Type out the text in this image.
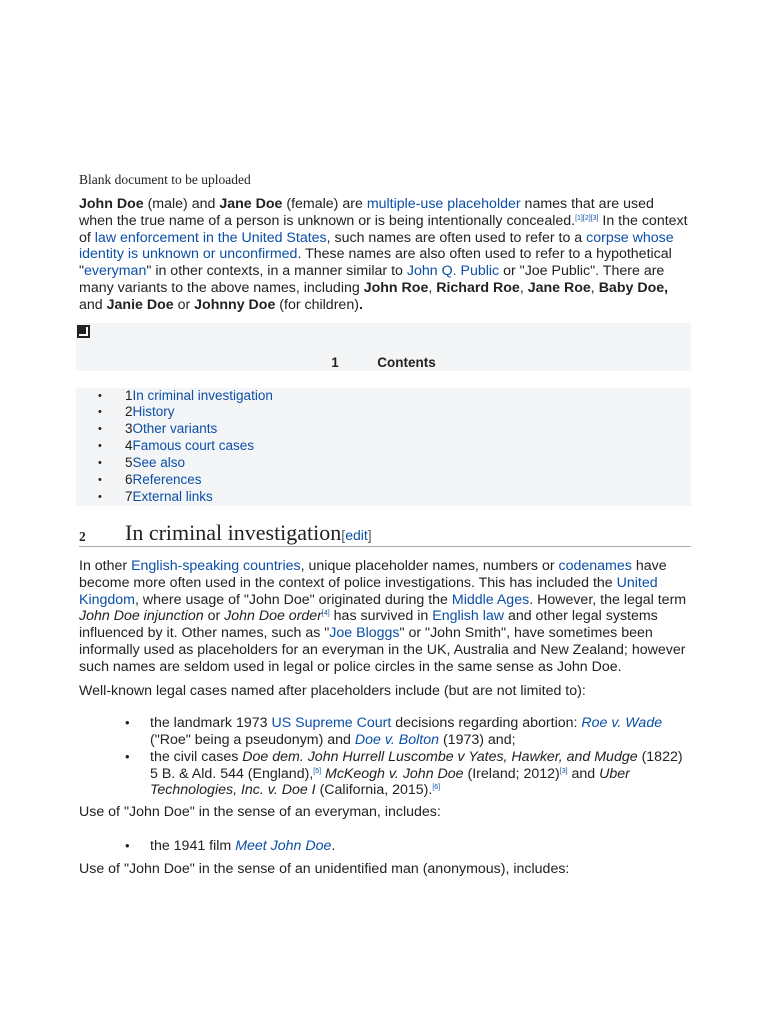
Blank document to be uploaded

John Doe (male) and Jane Doe (female) are multiple-use placeholder names that are used when the true name of a person is unknown or is being intentionally concealed.[1][2][3] In the context of law enforcement in the United States, such names are often used to refer to a corpse whose identity is unknown or unconfirmed. These names are also often used to refer to a hypothetical "everyman" in other contexts, in a manner similar to John Q. Public or "Joe Public". There are many variants to the above names, including John Roe, Richard Roe, Jane Roe, Baby Doe, and Janie Doe or Johnny Doe (for children).

1	Contents
• 1In criminal investigation
• 2History
• 3Other variants
• 4Famous court cases
• 5See also
• 6References
• 7External links
2 In criminal investigation[edit]

In other English-speaking countries, unique placeholder names, numbers or codenames have become more often used in the context of police investigations. This has included the United Kingdom, where usage of "John Doe" originated during the Middle Ages. However, the legal term John Doe injunction or John Doe order[4] has survived in English law and other legal systems influenced by it. Other names, such as "Joe Bloggs" or "John Smith", have sometimes been informally used as placeholders for an everyman in the UK, Australia and New Zealand; however such names are seldom used in legal or police circles in the same sense as John Doe.

Well-known legal cases named after placeholders include (but are not limited to):

• the landmark 1973 US Supreme Court decisions regarding abortion: Roe v. Wade ("Roe" being a pseudonym) and Doe v. Bolton (1973) and;
• the civil cases Doe dem. John Hurrell Luscombe v Yates, Hawker, and Mudge (1822) 5 B. & Ald. 544 (England),[5] McKeogh v. John Doe (Ireland; 2012)[3] and Uber Technologies, Inc. v. Doe I (California, 2015).[6]

Use of "John Doe" in the sense of an everyman, includes:

• the 1941 film Meet John Doe.

Use of "John Doe" in the sense of an unidentified man (anonymous), includes:
